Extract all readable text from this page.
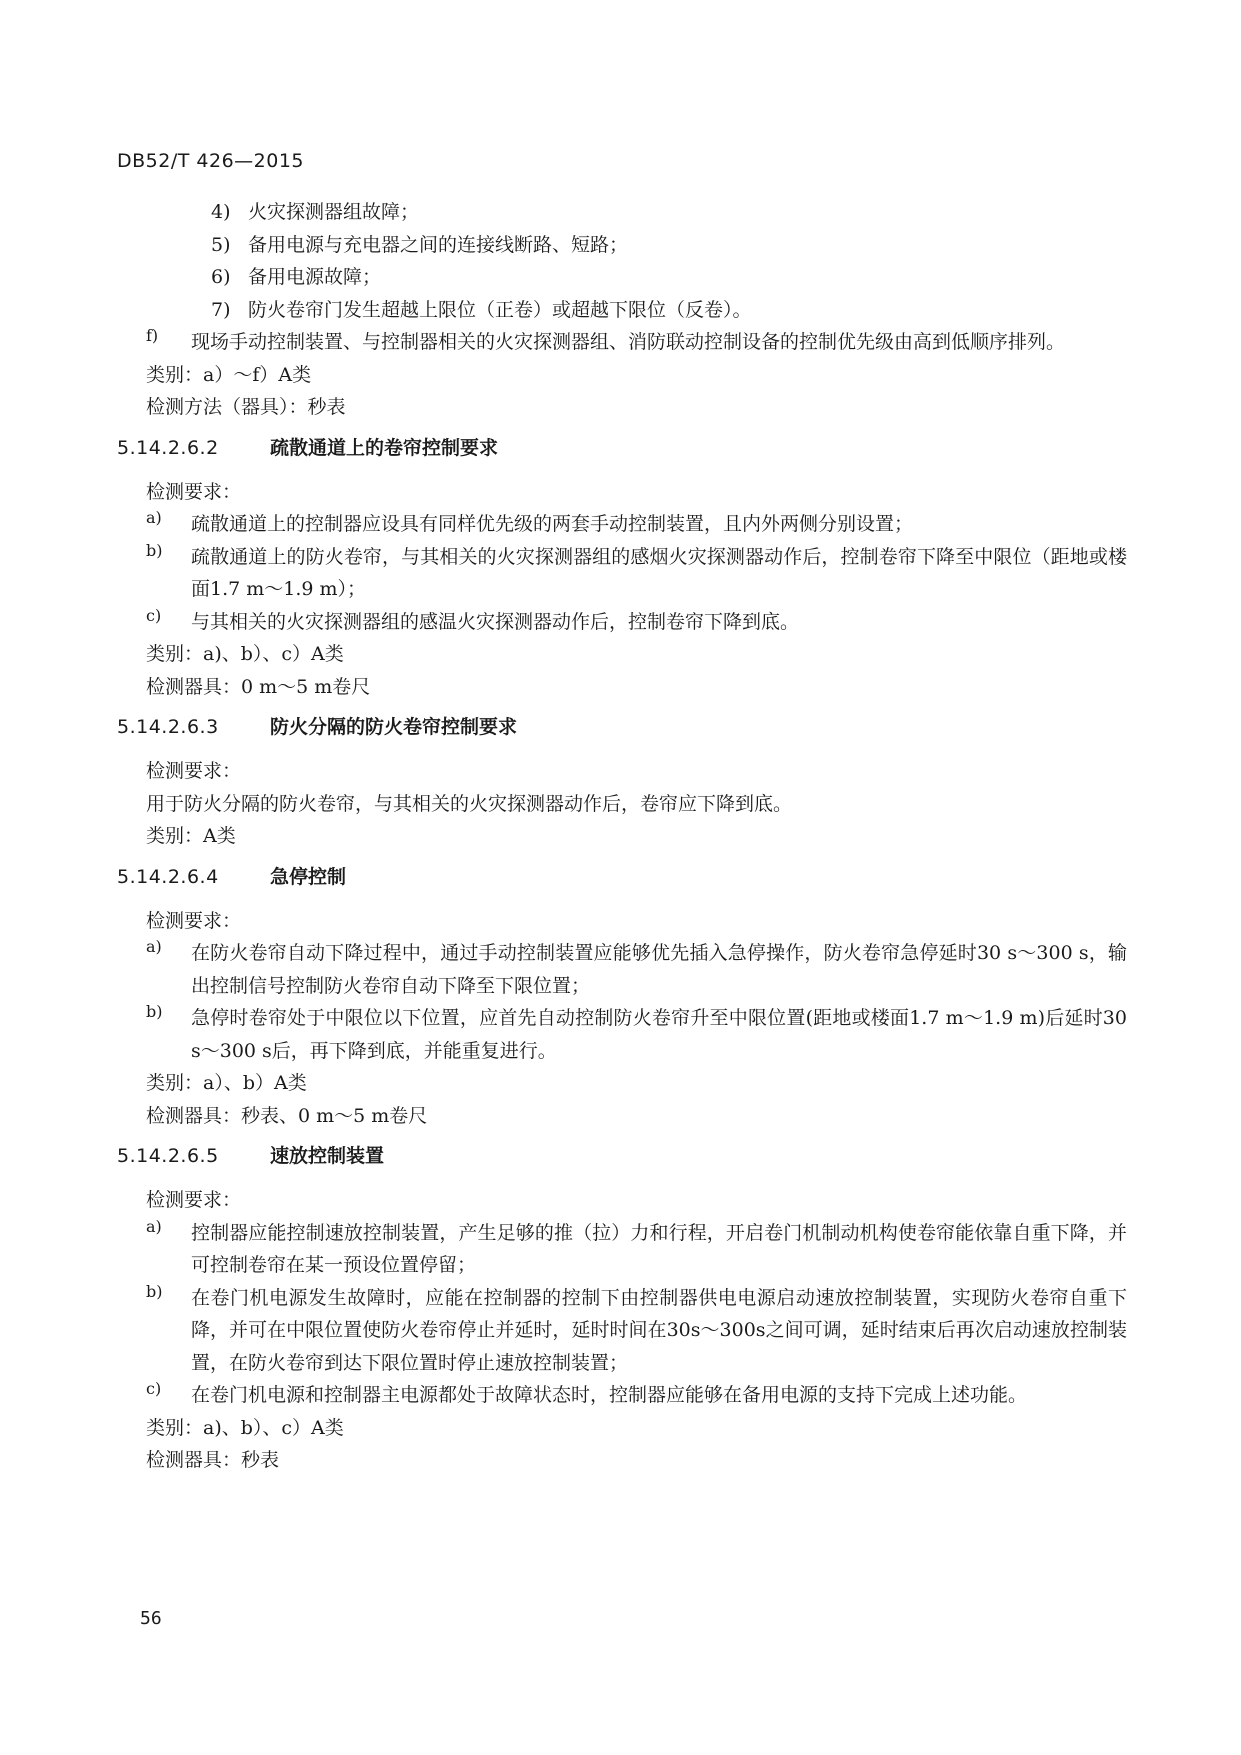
DB52/T 426—2015
4) 火灾探测器组故障；
5) 备用电源与充电器之间的连接线断路、短路；
6) 备用电源故障；
7) 防火卷帘门发生超越上限位（正卷）或超越下限位（反卷）。
f) 现场手动控制装置、与控制器相关的火灾探测器组、消防联动控制设备的控制优先级由高到低顺序排列。
类别：a）～f）A类
检测方法（器具）：秒表
5.14.2.6.2	疏散通道上的卷帘控制要求
检测要求：
a) 疏散通道上的控制器应设具有同样优先级的两套手动控制装置，且内外两侧分别设置；
b) 疏散通道上的防火卷帘，与其相关的火灾探测器组的感烟火灾探测器动作后，控制卷帘下降至中限位（距地或楼面1.7 m～1.9 m）；
c) 与其相关的火灾探测器组的感温火灾探测器动作后，控制卷帘下降到底。
类别：a)、b）、c）A类
检测器具：0 m～5 m卷尺
5.14.2.6.3	防火分隔的防火卷帘控制要求
检测要求：
用于防火分隔的防火卷帘，与其相关的火灾探测器动作后，卷帘应下降到底。
类别：A类
5.14.2.6.4	急停控制
检测要求：
a) 在防火卷帘自动下降过程中，通过手动控制装置应能够优先插入急停操作，防火卷帘急停延时30 s～300 s，输出控制信号控制防火卷帘自动下降至下限位置；
b) 急停时卷帘处于中限位以下位置，应首先自动控制防火卷帘升至中限位置(距地或楼面1.7 m～1.9 m)后延时30 s～300 s后，再下降到底，并能重复进行。
类别：a）、b）A类
检测器具：秒表、0 m～5 m卷尺
5.14.2.6.5	速放控制装置
检测要求：
a) 控制器应能控制速放控制装置，产生足够的推（拉）力和行程，开启卷门机制动机构使卷帘能依靠自重下降，并可控制卷帘在某一预设位置停留；
b) 在卷门机电源发生故障时，应能在控制器的控制下由控制器供电电源启动速放控制装置，实现防火卷帘自重下降，并可在中限位置使防火卷帘停止并延时，延时时间在30s～300s之间可调，延时结束后再次启动速放控制装置，在防火卷帘到达下限位置时停止速放控制装置；
c) 在卷门机电源和控制器主电源都处于故障状态时，控制器应能够在备用电源的支持下完成上述功能。
类别：a)、b）、c）A类
检测器具：秒表
56
